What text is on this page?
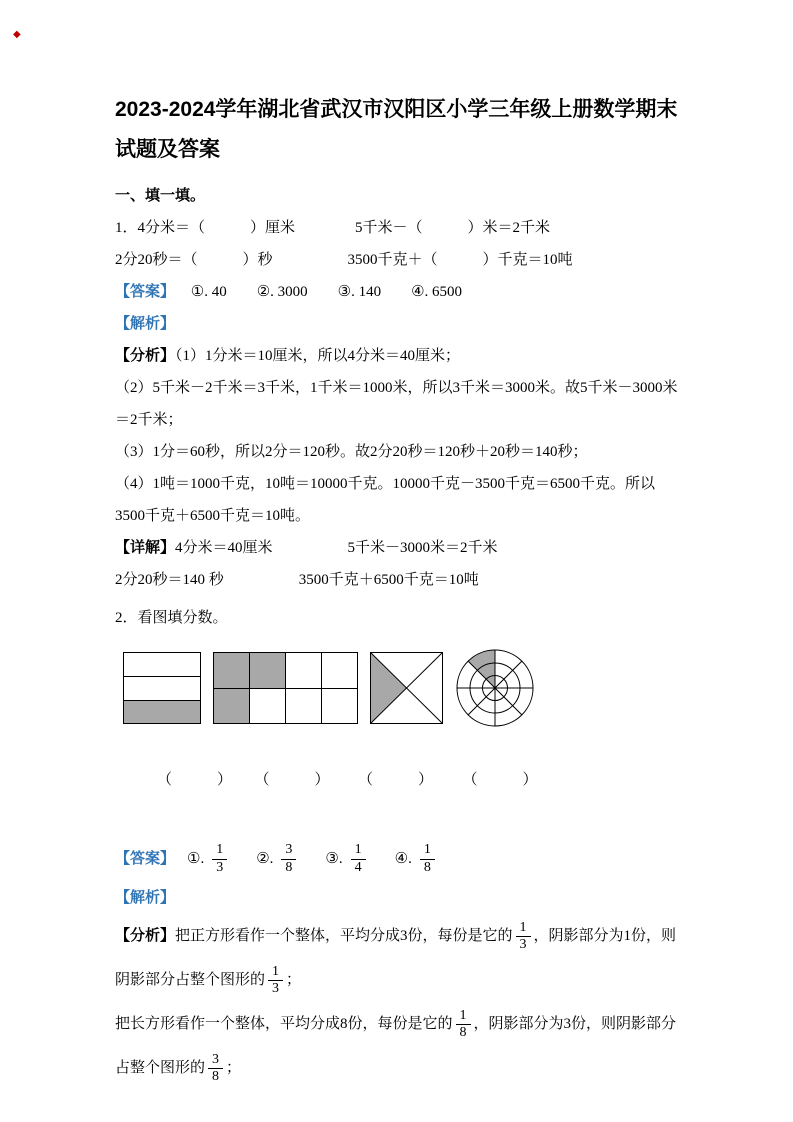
◆
2023-2024学年湖北省武汉市汉阳区小学三年级上册数学期末试题及答案

一、填一填。

1．4分米＝（　　　）厘米　　　　5千米－（　　　）米＝2千米

2分20秒＝（　　　）秒　　　　　3500千克＋（　　　）千克＝10吨

【答案】 ①. 40　　②. 3000　　③. 140　　④. 6500

【解析】

【分析】（1）1分米＝10厘米，所以4分米＝40厘米；

（2）5千米－2千米＝3千米，1千米＝1000米，所以3千米＝3000米。故5千米－3000米＝2千米；

（3）1分＝60秒，所以2分＝120秒。故2分20秒＝120秒＋20秒＝140秒；

（4）1吨＝1000千克，10吨＝10000千克。10000千克－3500千克＝6500千克。所以3500千克＋6500千克＝10吨。

【详解】4分米＝40厘米　　　　　5千米－3000米＝2千米

2分20秒＝140 秒　　　　　3500千克＋6500千克＝10吨

2．看图填分数。

（　　　） （　　　） （　　　） （　　　）

【答案】 ①. $\frac{1}{3}$ ②. $\frac{3}{8}$ ③. $\frac{1}{4}$ ④. $\frac{1}{8}$

【解析】

【分析】把正方形看作一个整体，平均分成3份，每份是它的 $\frac{1}{3}$ ，阴影部分为1份，则阴影部分占整个图形的 $\frac{1}{3}$ ；

把长方形看作一个整体，平均分成8份，每份是它的 $\frac{1}{8}$ ，阴影部分为3份，则阴影部分占整个图形的 $\frac{3}{8}$ ；
